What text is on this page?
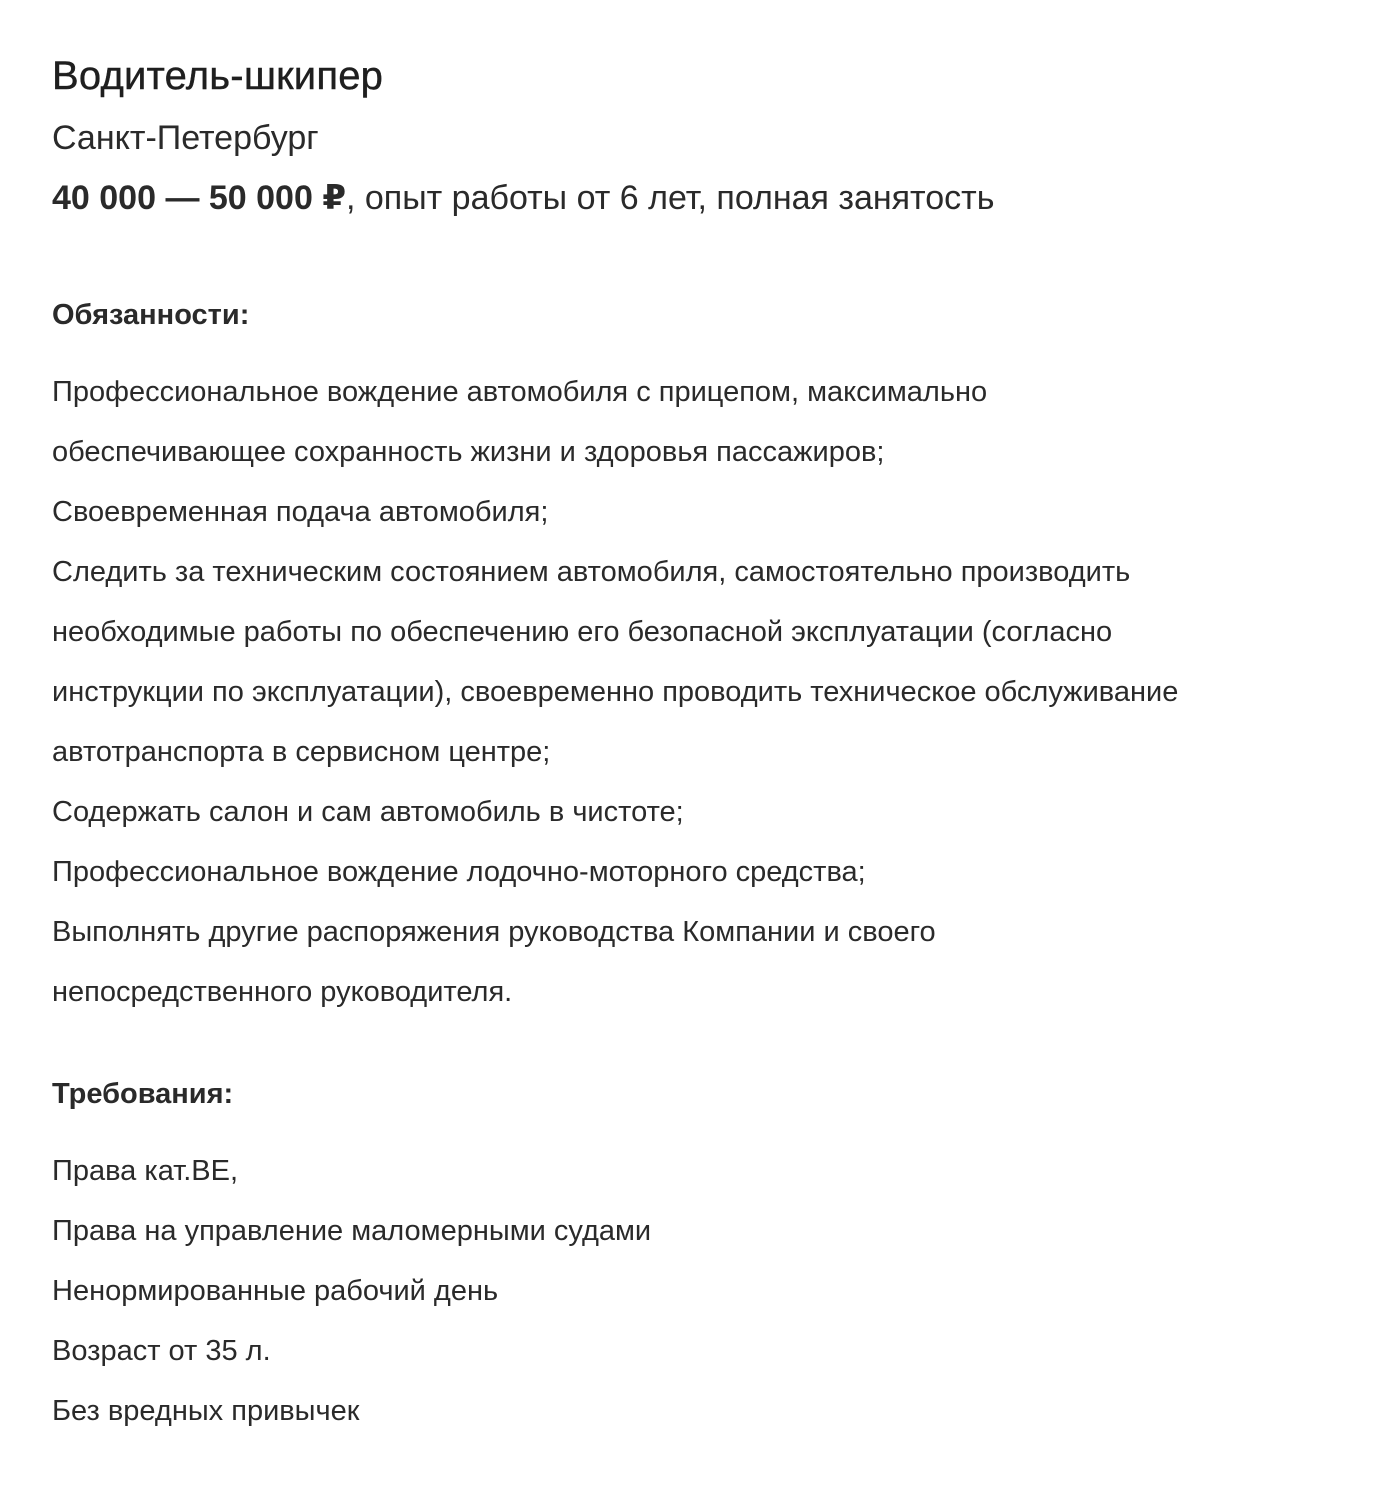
Водитель-шкипер
Санкт-Петербург
40 000 — 50 000 ₽, опыт работы от 6 лет, полная занятость
Обязанности:
Профессиональное вождение автомобиля с прицепом, максимально
обеспечивающее сохранность жизни и здоровья пассажиров;
Своевременная подача автомобиля;
Следить за техническим состоянием автомобиля, самостоятельно производить
необходимые работы по обеспечению его безопасной эксплуатации (согласно
инструкции по эксплуатации), своевременно проводить техническое обслуживание
автотранспорта в сервисном центре;
Содержать салон и сам автомобиль в чистоте;
Профессиональное вождение лодочно-моторного средства;
Выполнять другие распоряжения руководства Компании и своего
непосредственного руководителя.
Требования:
Права кат.BE,
Права на управление маломерными судами
Ненормированные рабочий день
Возраст от 35 л.
Без вредных привычек
